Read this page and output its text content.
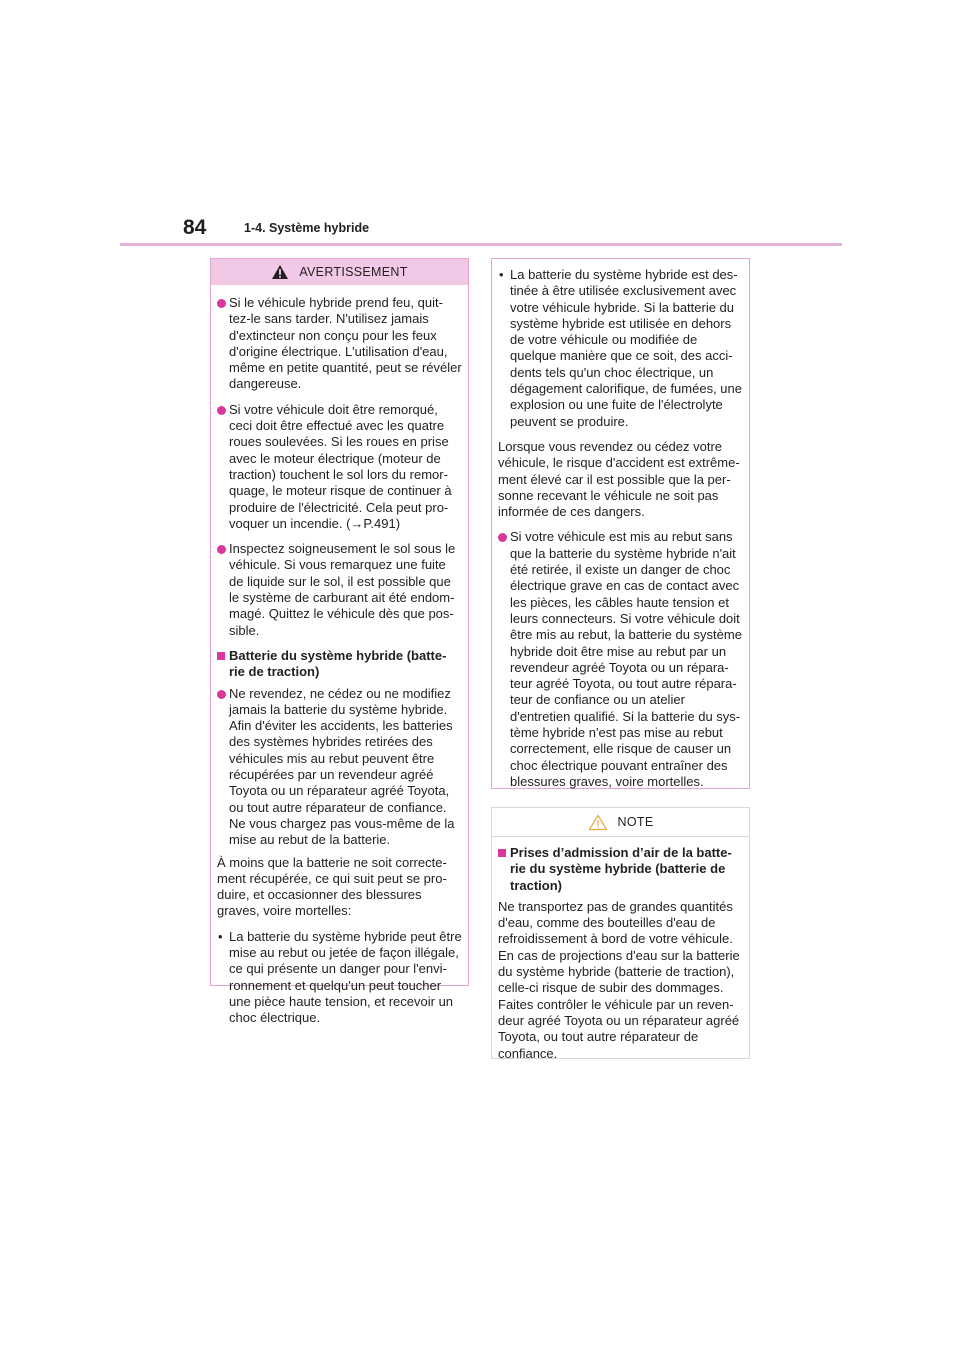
84	1-4. Système hybride
AVERTISSEMENT
Si le véhicule hybride prend feu, quit-tez-le sans tarder. N'utilisez jamais d'extincteur non conçu pour les feux d'origine électrique. L'utilisation d'eau, même en petite quantité, peut se révéler dangereuse.
Si votre véhicule doit être remorqué, ceci doit être effectué avec les quatre roues soulevées. Si les roues en prise avec le moteur électrique (moteur de traction) touchent le sol lors du remor-quage, le moteur risque de continuer à produire de l'électricité. Cela peut pro-voquer un incendie. (→P.491)
Inspectez soigneusement le sol sous le véhicule. Si vous remarquez une fuite de liquide sur le sol, il est possible que le système de carburant ait été endom-magé. Quittez le véhicule dès que pos-sible.
Batterie du système hybride (batte-rie de traction)
Ne revendez, ne cédez ou ne modifiez jamais la batterie du système hybride. Afin d'éviter les accidents, les batteries des systèmes hybrides retirées des véhicules mis au rebut peuvent être récupérées par un revendeur agréé Toyota ou un réparateur agréé Toyota, ou tout autre réparateur de confiance. Ne vous chargez pas vous-même de la mise au rebut de la batterie.
À moins que la batterie ne soit correcte-ment récupérée, ce qui suit peut se pro-duire, et occasionner des blessures graves, voire mortelles:
• La batterie du système hybride peut être mise au rebut ou jetée de façon illégale, ce qui présente un danger pour l'envi-ronnement et quelqu'un peut toucher une pièce haute tension, et recevoir un choc électrique.
• La batterie du système hybride est des-tinée à être utilisée exclusivement avec votre véhicule hybride. Si la batterie du système hybride est utilisée en dehors de votre véhicule ou modifiée de quelque manière que ce soit, des acci-dents tels qu'un choc électrique, un dégagement calorifique, de fumées, une explosion ou une fuite de l'électrolyte peuvent se produire.
Lorsque vous revendez ou cédez votre véhicule, le risque d'accident est extrême-ment élevé car il est possible que la per-sonne recevant le véhicule ne soit pas informée de ces dangers.
Si votre véhicule est mis au rebut sans que la batterie du système hybride n'ait été retirée, il existe un danger de choc électrique grave en cas de contact avec les pièces, les câbles haute tension et leurs connecteurs. Si votre véhicule doit être mis au rebut, la batterie du système hybride doit être mise au rebut par un revendeur agréé Toyota ou un répara-teur agréé Toyota, ou tout autre répara-teur de confiance ou un atelier d'entretien qualifié. Si la batterie du sys-tème hybride n'est pas mise au rebut correctement, elle risque de causer un choc électrique pouvant entraîner des blessures graves, voire mortelles.
NOTE
Prises d’admission d’air de la batte-rie du système hybride (batterie de traction)
Ne transportez pas de grandes quantités d'eau, comme des bouteilles d'eau de refroidissement à bord de votre véhicule. En cas de projections d'eau sur la batterie du système hybride (batterie de traction), celle-ci risque de subir des dommages. Faites contrôler le véhicule par un reven-deur agréé Toyota ou un réparateur agréé Toyota, ou tout autre réparateur de confiance.
